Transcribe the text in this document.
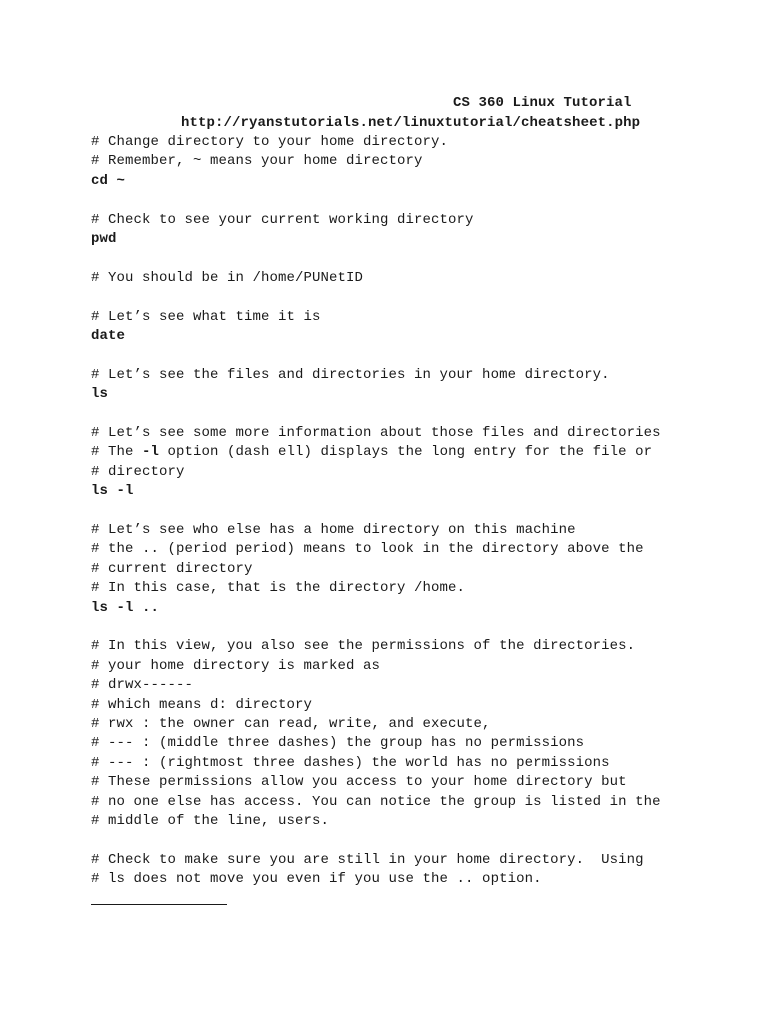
CS 360 Linux Tutorial
http://ryanstutorials.net/linuxtutorial/cheatsheet.php
# Change directory to your home directory.
# Remember, ~ means your home directory
cd ~
# Check to see your current working directory
pwd
# You should be in /home/PUNetID
# Let’s see what time it is
date
# Let’s see the files and directories in your home directory.
ls
# Let’s see some more information about those files and directories
# The -l option (dash ell) displays the long entry for the file or
# directory
ls -l
# Let’s see who else has a home directory on this machine
# the .. (period period) means to look in the directory above the
# current directory
# In this case, that is the directory /home.
ls -l ..
# In this view, you also see the permissions of the directories.
# your home directory is marked as
# drwx------
# which means d: directory
# rwx : the owner can read, write, and execute,
# --- : (middle three dashes) the group has no permissions
# --- : (rightmost three dashes) the world has no permissions
# These permissions allow you access to your home directory but
# no one else has access. You can notice the group is listed in the
# middle of the line, users.
# Check to make sure you are still in your home directory.  Using
# ls does not move you even if you use the .. option.
